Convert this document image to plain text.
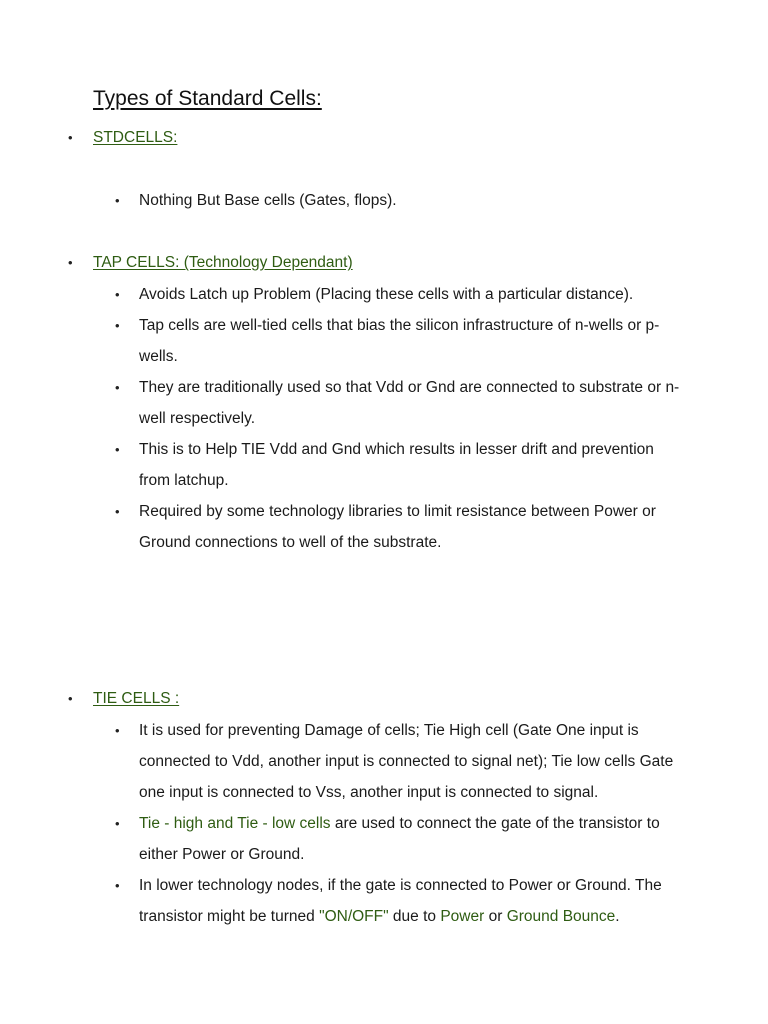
Types of Standard Cells:
• STDCELLS:
• Nothing But Base cells (Gates, flops).
• TAP CELLS: (Technology Dependant)
• Avoids Latch up Problem (Placing these cells with a particular distance).
• Tap cells are well-tied cells that bias the silicon infrastructure of n-wells or p-wells.
• They are traditionally used so that Vdd or Gnd are connected to substrate or n-well respectively.
• This is to Help TIE Vdd and Gnd which results in lesser drift and prevention from latchup.
• Required by some technology libraries to limit resistance between Power or Ground connections to well of the substrate.
• TIE CELLS :
• It is used for preventing Damage of cells; Tie High cell (Gate One input is connected to Vdd, another input is connected to signal net); Tie low cells Gate one input is connected to Vss, another input is connected to signal.
• Tie - high and Tie - low cells are used to connect the gate of the transistor to either Power or Ground.
• In lower technology nodes, if the gate is connected to Power or Ground. The transistor might be turned "ON/OFF" due to Power or Ground Bounce.
